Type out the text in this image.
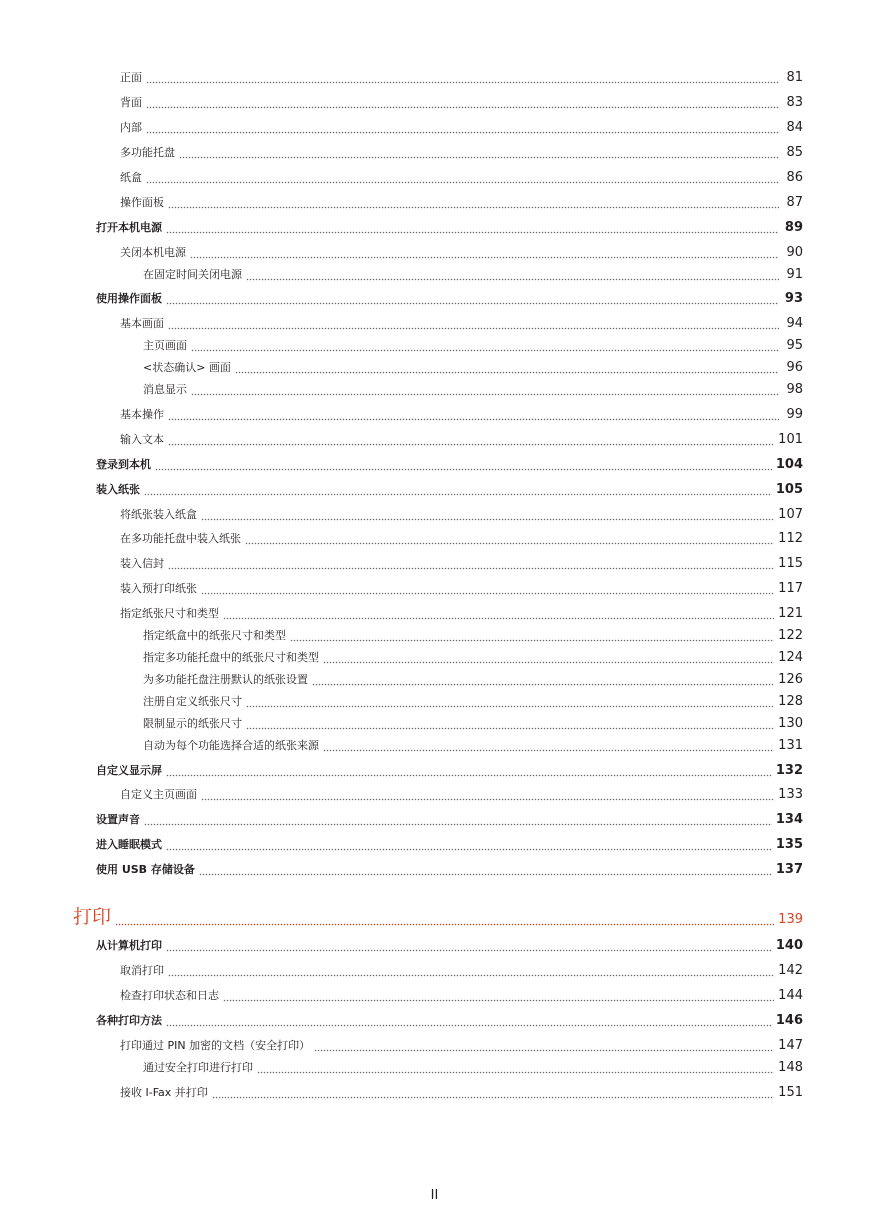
正面	81
背面	83
内部	84
多功能托盘	85
纸盒	86
操作面板	87
打开本机电源	89
关闭本机电源	90
在固定时间关闭电源	91
使用操作面板	93
基本画面	94
主页画面	95
<状态确认> 画面	96
消息显示	98
基本操作	99
输入文本	101
登录到本机	104
装入纸张	105
将纸张装入纸盒	107
在多功能托盘中装入纸张	112
装入信封	115
装入预打印纸张	117
指定纸张尺寸和类型	121
指定纸盒中的纸张尺寸和类型	122
指定多功能托盘中的纸张尺寸和类型	124
为多功能托盘注册默认的纸张设置	126
注册自定义纸张尺寸	128
限制显示的纸张尺寸	130
自动为每个功能选择合适的纸张来源	131
自定义显示屏	132
自定义主页画面	133
设置声音	134
进入睡眠模式	135
使用 USB 存储设备	137
打印	139
从计算机打印	140
取消打印	142
检查打印状态和日志	144
各种打印方法	146
打印通过 PIN 加密的文档（安全打印）	147
通过安全打印进行打印	148
接收 I-Fax 并打印	151
II
